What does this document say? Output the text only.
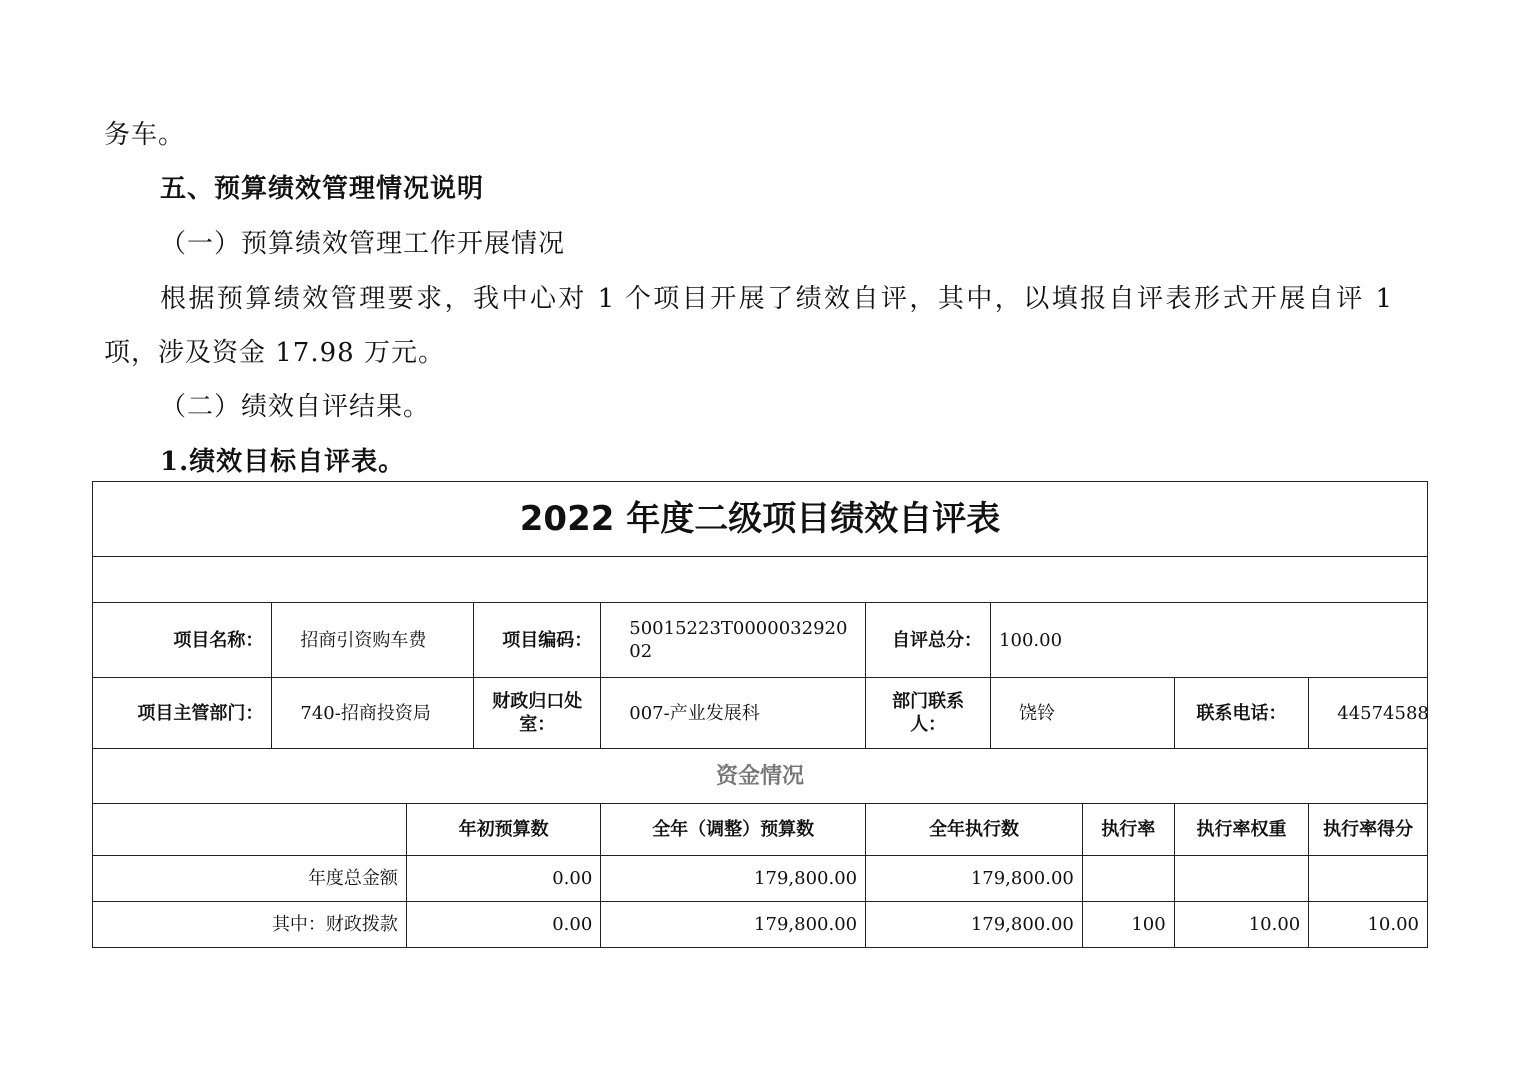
务车。
五、预算绩效管理情况说明
（一）预算绩效管理工作开展情况
根据预算绩效管理要求，我中心对 1 个项目开展了绩效自评，其中，以填报自评表形式开展自评 1
项，涉及资金 17.98 万元。
（二）绩效自评结果。
1.绩效目标自评表。
2022 年度二级项目绩效自评表									

项目名称：	招商引资购车费		项目编码：	50015223T000003292002	自评总分：	100.00			
项目主管部门：	740-招商投资局		财政归口处室：	007-产业发展科	部门联系人：	饶铃		联系电话：	44574588
资金情况									
		年初预算数		全年（调整）预算数	全年执行数		执行率	执行率权重	执行率得分
年度总金额		0.00		179,800.00	179,800.00				
其中：财政拨款		0.00		179,800.00	179,800.00		100	10.00	10.00
